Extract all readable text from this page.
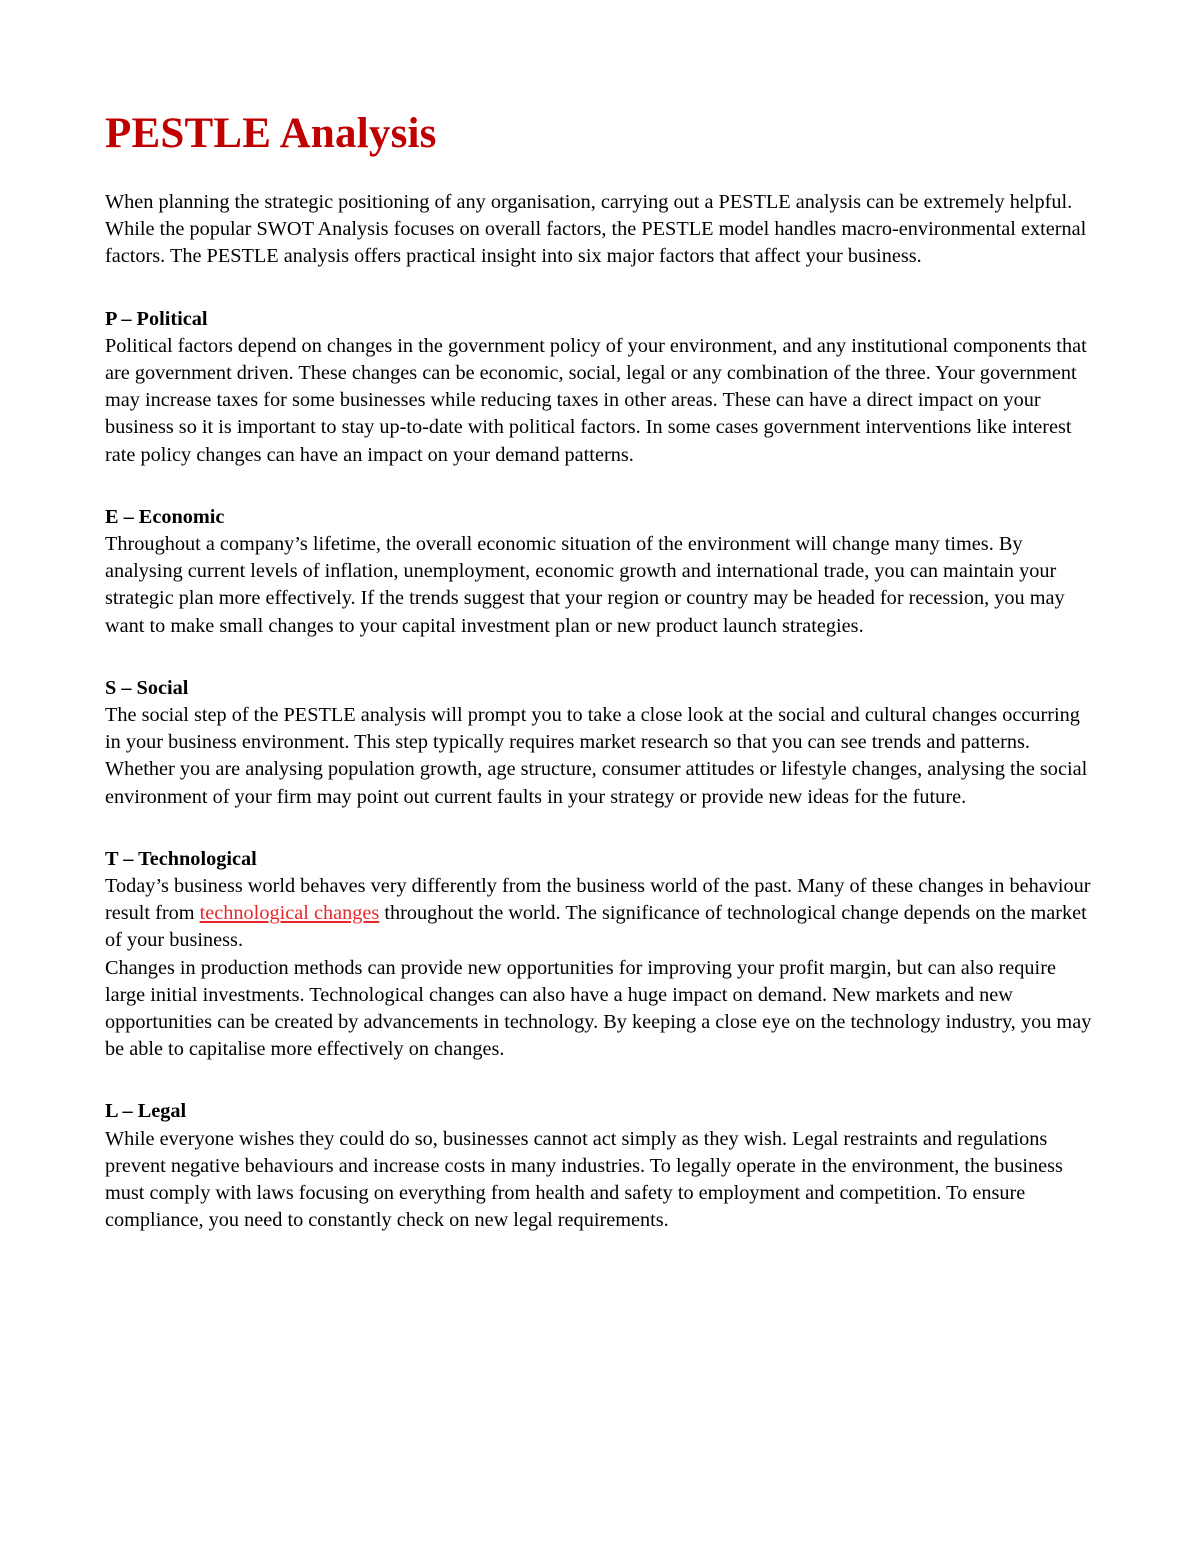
PESTLE Analysis

When planning the strategic positioning of any organisation, carrying out a PESTLE analysis can be extremely helpful. While the popular SWOT Analysis focuses on overall factors, the PESTLE model handles macro-environmental external factors. The PESTLE analysis offers practical insight into six major factors that affect your business.

P – Political

Political factors depend on changes in the government policy of your environment, and any institutional components that are government driven. These changes can be economic, social, legal or any combination of the three. Your government may increase taxes for some businesses while reducing taxes in other areas. These can have a direct impact on your business so it is important to stay up-to-date with political factors. In some cases government interventions like interest rate policy changes can have an impact on your demand patterns.

E – Economic

Throughout a company’s lifetime, the overall economic situation of the environment will change many times. By analysing current levels of inflation, unemployment, economic growth and international trade, you can maintain your strategic plan more effectively. If the trends suggest that your region or country may be headed for recession, you may want to make small changes to your capital investment plan or new product launch strategies.

S – Social

The social step of the PESTLE analysis will prompt you to take a close look at the social and cultural changes occurring in your business environment. This step typically requires market research so that you can see trends and patterns. Whether you are analysing population growth, age structure, consumer attitudes or lifestyle changes, analysing the social environment of your firm may point out current faults in your strategy or provide new ideas for the future.

T – Technological

Today’s business world behaves very differently from the business world of the past. Many of these changes in behaviour result from technological changes throughout the world. The significance of technological change depends on the market of your business.

Changes in production methods can provide new opportunities for improving your profit margin, but can also require large initial investments. Technological changes can also have a huge impact on demand. New markets and new opportunities can be created by advancements in technology. By keeping a close eye on the technology industry, you may be able to capitalise more effectively on changes.

L – Legal

While everyone wishes they could do so, businesses cannot act simply as they wish. Legal restraints and regulations prevent negative behaviours and increase costs in many industries. To legally operate in the environment, the business must comply with laws focusing on everything from health and safety to employment and competition. To ensure compliance, you need to constantly check on new legal requirements.
